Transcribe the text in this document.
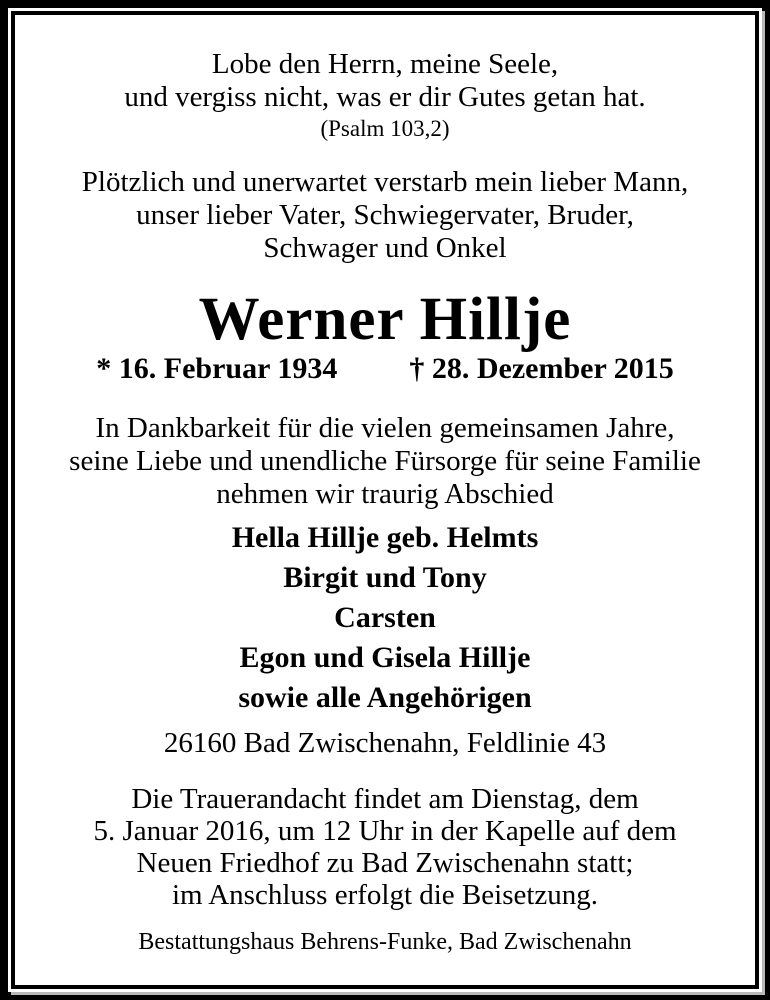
Lobe den Herrn, meine Seele,
und vergiss nicht, was er dir Gutes getan hat.
(Psalm 103,2)
Plötzlich und unerwartet verstarb mein lieber Mann,
unser lieber Vater, Schwiegervater, Bruder,
Schwager und Onkel
Werner Hillje
* 16. Februar 1934 † 28. Dezember 2015
In Dankbarkeit für die vielen gemeinsamen Jahre,
seine Liebe und unendliche Fürsorge für seine Familie
nehmen wir traurig Abschied
Hella Hillje geb. Helmts
Birgit und Tony
Carsten
Egon und Gisela Hillje
sowie alle Angehörigen
26160 Bad Zwischenahn, Feldlinie 43
Die Trauerandacht findet am Dienstag, dem
5. Januar 2016, um 12 Uhr in der Kapelle auf dem
Neuen Friedhof zu Bad Zwischenahn statt;
im Anschluss erfolgt die Beisetzung.
Bestattungshaus Behrens-Funke, Bad Zwischenahn
